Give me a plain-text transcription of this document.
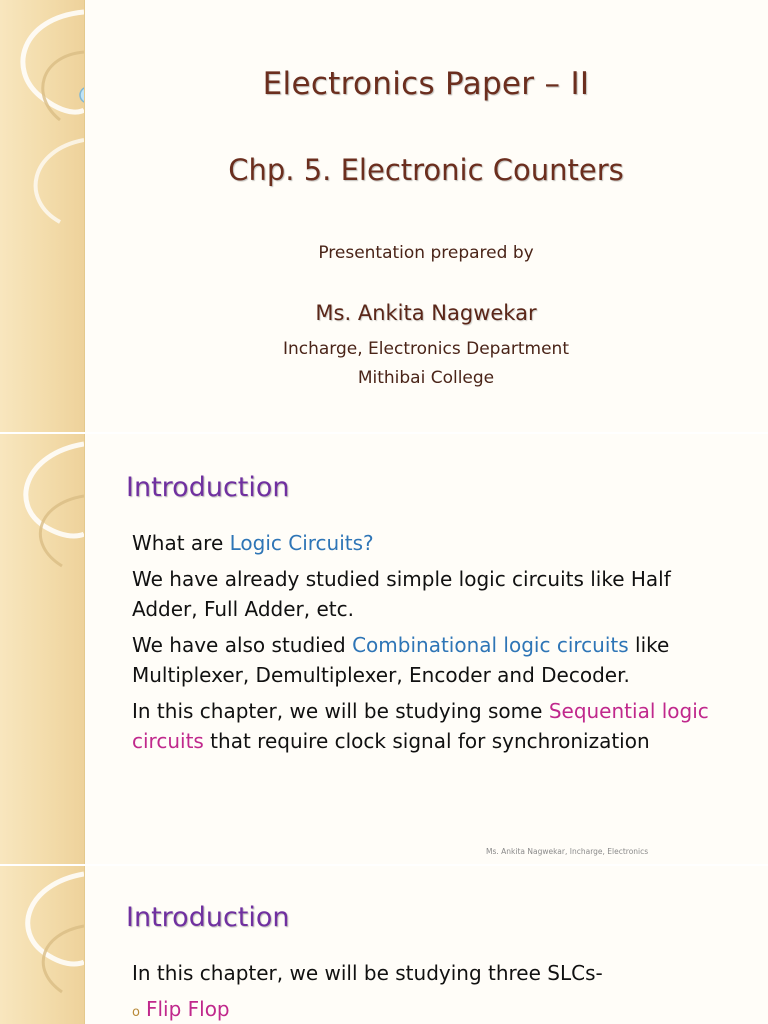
Electronics Paper – II
Chp. 5. Electronic Counters
Presentation prepared by
Ms. Ankita Nagwekar
Incharge, Electronics Department
Mithibai College
Introduction

What are Logic Circuits?

We have already studied simple logic circuits like Half Adder, Full Adder, etc.

We have also studied Combinational logic circuits like Multiplexer, Demultiplexer, Encoder and Decoder.

In this chapter, we will be studying some Sequential logic circuits that require clock signal for synchronization

Ms. Ankita Nagwekar, Incharge, Electronics
Introduction

In this chapter, we will be studying three SLCs-

o Flip Flop
